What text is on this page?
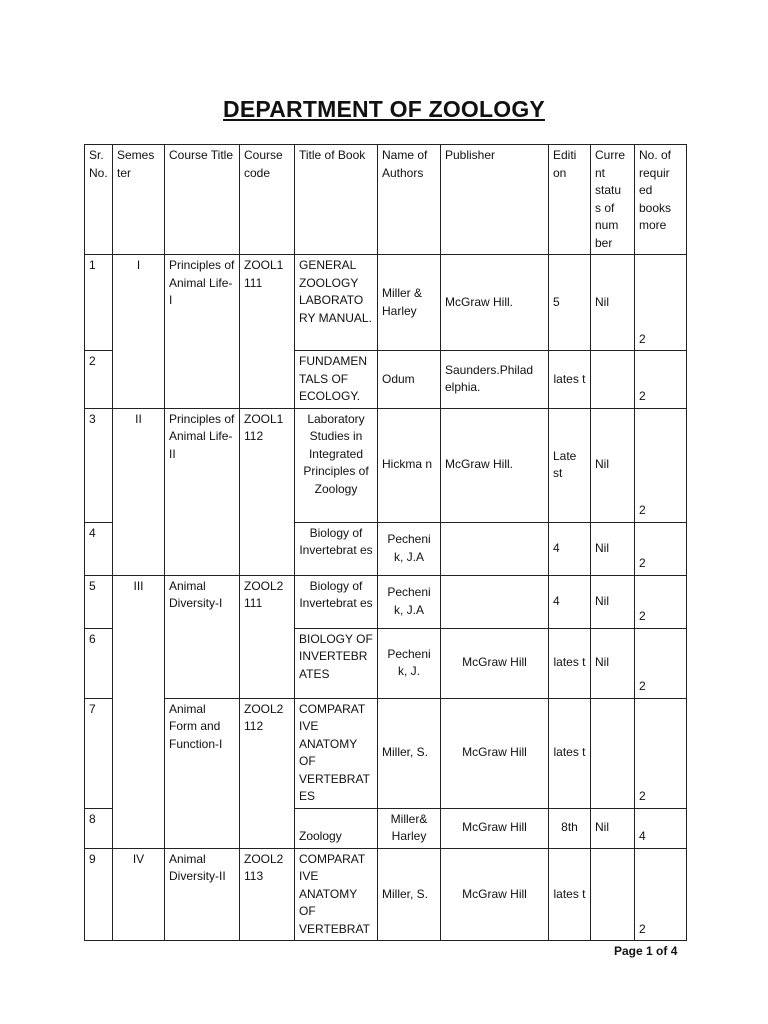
DEPARTMENT OF ZOOLOGY
Sr. No.	Semes ter	Course Title	Course code	Title of Book	Name of Authors	Publisher	Editi on	Curre nt statu s of num ber	No. of requir ed books more
1	I	Principles of Animal Life-I	ZOOL1 111	GENERAL ZOOLOGY LABORATO RY MANUAL.	Miller & Harley	McGraw Hill.	5	Nil	2
2				FUNDAMEN TALS OF ECOLOGY.	Odum	Saunders.Philad elphia.	lates t		2
3	II	Principles of Animal Life-II	ZOOL1 112	Laboratory Studies in Integrated Principles of Zoology	Hickma n	McGraw Hill.	Late st	Nil	2
4				Biology of Invertebrat es	Pecheni k, J.A		4	Nil	2
5	III	Animal Diversity-I	ZOOL2 111	Biology of Invertebrat es	Pecheni k, J.A		4	Nil	2
6				BIOLOGY OF INVERTEBR ATES	Pecheni k, J.	McGraw Hill	lates t	Nil	2
7		Animal Form and Function-I	ZOOL2 112	COMPARAT IVE ANATOMY OF VERTEBRAT ES	Miller, S.	McGraw Hill	lates t		2
8				Zoology	Miller& Harley	McGraw Hill	8th	Nil	4
9	IV	Animal Diversity-II	ZOOL2 113	COMPARAT IVE ANATOMY OF VERTEBRAT	Miller, S.	McGraw Hill	lates t		2
Page 1 of 4
